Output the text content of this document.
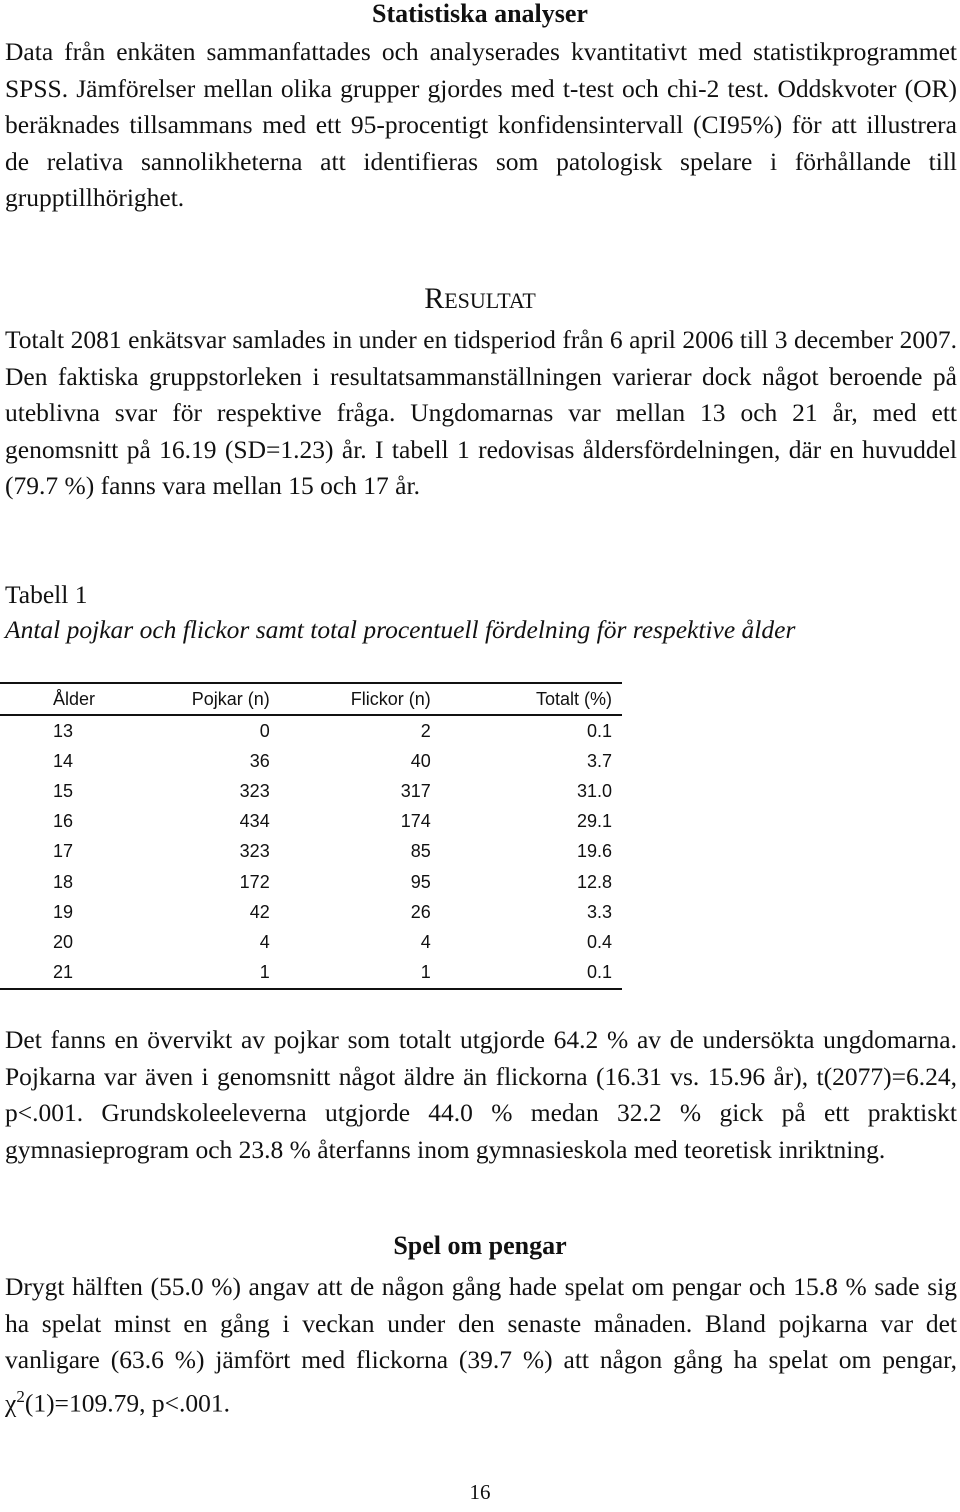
Statistiska analyser

Data från enkäten sammanfattades och analyserades kvantitativt med statistikprogrammet SPSS. Jämförelser mellan olika grupper gjordes med t-test och chi-2 test. Oddskvoter (OR) beräknades tillsammans med ett 95-procentigt konfidensintervall (CI95%) för att illustrera de relativa sannolikheterna att identifieras som patologisk spelare i förhållande till grupptillhörighet.

RESULTAT

Totalt 2081 enkätsvar samlades in under en tidsperiod från 6 april 2006 till 3 december 2007. Den faktiska gruppstorleken i resultatsammanställningen varierar dock något beroende på uteblivna svar för respektive fråga. Ungdomarnas var mellan 13 och 21 år, med ett genomsnitt på 16.19 (SD=1.23) år. I tabell 1 redovisas åldersfördelningen, där en huvuddel (79.7 %) fanns vara mellan 15 och 17 år.

Tabell 1

Antal pojkar och flickor samt total procentuell fördelning för respektive ålder

Ålder	Pojkar (n)	Flickor (n)	Totalt (%)
13	0	2	0.1
14	36	40	3.7
15	323	317	31.0
16	434	174	29.1
17	323	85	19.6
18	172	95	12.8
19	42	26	3.3
20	4	4	0.4
21	1	1	0.1

Det fanns en övervikt av pojkar som totalt utgjorde 64.2 % av de undersökta ungdomarna. Pojkarna var även i genomsnitt något äldre än flickorna (16.31 vs. 15.96 år), t(2077)=6.24, p<.001. Grundskoleeleverna utgjorde 44.0 % medan 32.2 % gick på ett praktiskt gymnasieprogram och 23.8 % återfanns inom gymnasieskola med teoretisk inriktning.

Spel om pengar

Drygt hälften (55.0 %) angav att de någon gång hade spelat om pengar och 15.8 % sade sig ha spelat minst en gång i veckan under den senaste månaden. Bland pojkarna var det vanligare (63.6 %) jämfört med flickorna (39.7 %) att någon gång ha spelat om pengar, $\chi^2(1)=109.79$, p<.001.

16
